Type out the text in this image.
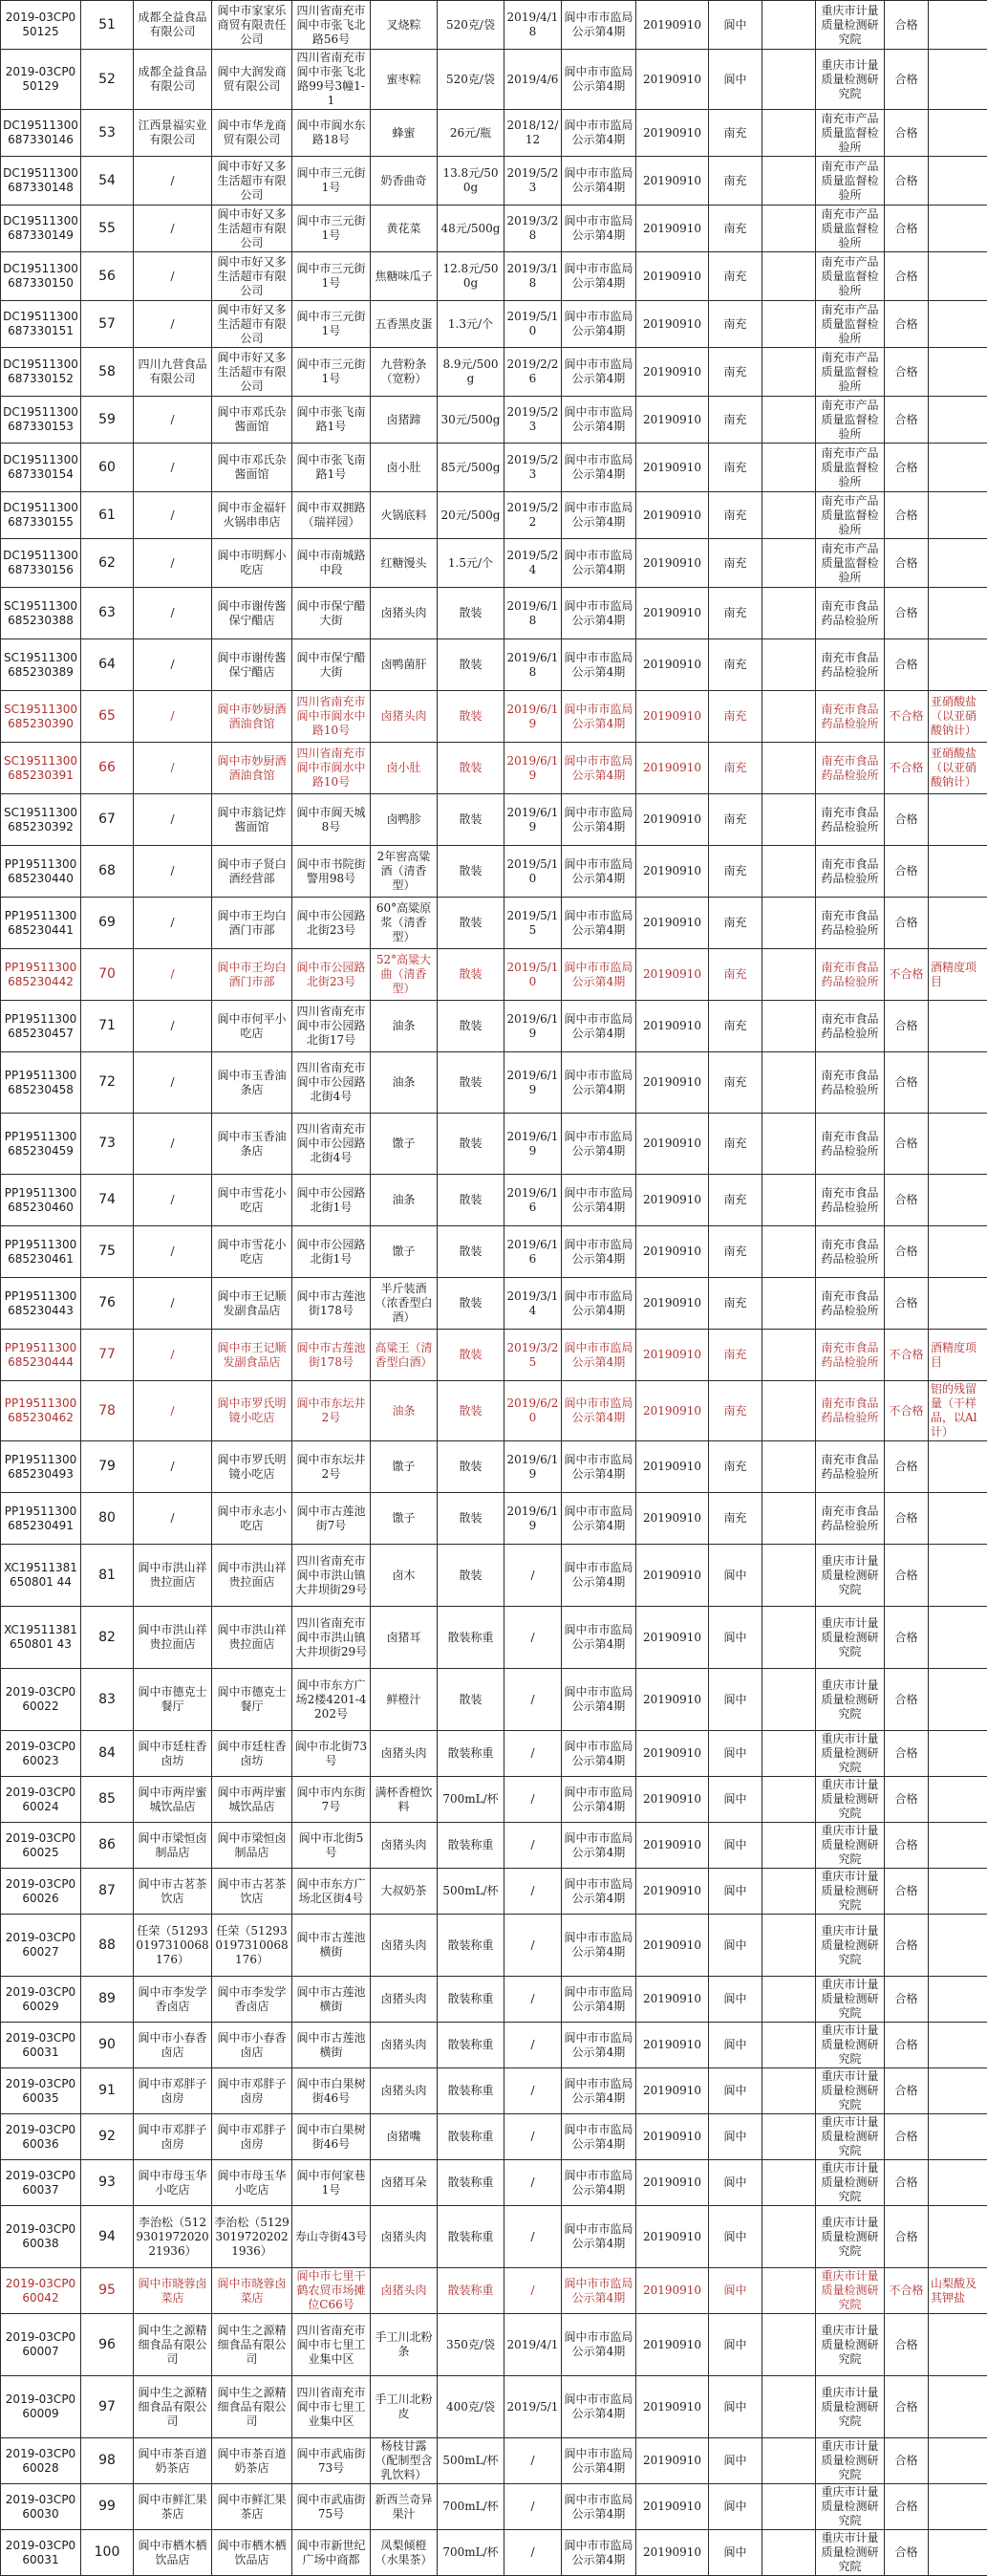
2019-03CP050125	51	成都全益食品有限公司	阆中市家家乐商贸有限责任公司	四川省南充市阆中市张飞北路56号	叉烧粽	520克/袋	2019/4/18	阆中市市监局公示第4期	20190910	阆中		重庆市计量质量检测研究院	合格	
2019-03CP050129	52	成都全益食品有限公司	阆中大润发商贸有限公司	四川省南充市阆中市张飞北路99号3幢1-1	蜜枣粽	520克/袋	2019/4/6	阆中市市监局公示第4期	20190910	阆中		重庆市计量质量检测研究院	合格	
DC19511300687330146	53	江西景福实业有限公司	阆中市华龙商贸有限公司	阆中市阆水东路18号	蜂蜜	26元/瓶	2018/12/12	阆中市市监局公示第4期	20190910	南充		南充市产品质量监督检验所	合格	
DC19511300687330148	54	/	阆中市好又多生活超市有限公司	阆中市三元街1号	奶香曲奇	13.8元/500g	2019/5/23	阆中市市监局公示第4期	20190910	南充		南充市产品质量监督检验所	合格	
DC19511300687330149	55	/	阆中市好又多生活超市有限公司	阆中市三元街1号	黄花菜	48元/500g	2019/3/28	阆中市市监局公示第4期	20190910	南充		南充市产品质量监督检验所	合格	
DC19511300687330150	56	/	阆中市好又多生活超市有限公司	阆中市三元街1号	焦糖味瓜子	12.8元/500g	2019/3/18	阆中市市监局公示第4期	20190910	南充		南充市产品质量监督检验所	合格	
DC19511300687330151	57	/	阆中市好又多生活超市有限公司	阆中市三元街1号	五香黑皮蛋	1.3元/个	2019/5/10	阆中市市监局公示第4期	20190910	南充		南充市产品质量监督检验所	合格	
DC19511300687330152	58	四川九营食品有限公司	阆中市好又多生活超市有限公司	阆中市三元街1号	九营粉条（宽粉）	8.9元/500g	2019/2/26	阆中市市监局公示第4期	20190910	南充		南充市产品质量监督检验所	合格	
DC19511300687330153	59	/	阆中市邓氏杂酱面馆	阆中市张飞南路1号	卤猪蹄	30元/500g	2019/5/23	阆中市市监局公示第4期	20190910	南充		南充市产品质量监督检验所	合格	
DC19511300687330154	60	/	阆中市邓氏杂酱面馆	阆中市张飞南路1号	卤小肚	85元/500g	2019/5/23	阆中市市监局公示第4期	20190910	南充		南充市产品质量监督检验所	合格	
DC19511300687330155	61	/	阆中市金福轩火锅串串店	阆中市双拥路（瑞祥园）	火锅底料	20元/500g	2019/5/22	阆中市市监局公示第4期	20190910	南充		南充市产品质量监督检验所	合格	
DC19511300687330156	62	/	阆中市明辉小吃店	阆中市南城路中段	红糖馒头	1.5元/个	2019/5/24	阆中市市监局公示第4期	20190910	南充		南充市产品质量监督检验所	合格	
SC19511300685230388	63	/	阆中市谢传酱保宁醋店	阆中市保宁醋大街	卤猪头肉	散装	2019/6/18	阆中市市监局公示第4期	20190910	南充		南充市食品药品检验所	合格	
SC19511300685230389	64	/	阆中市谢传酱保宁醋店	阆中市保宁醋大街	卤鸭菌肝	散装	2019/6/18	阆中市市监局公示第4期	20190910	南充		南充市食品药品检验所	合格	
SC19511300685230390	65	/	阆中市妙厨酒酒油食馆	四川省南充市阆中市阆水中路10号	卤猪头肉	散装	2019/6/19	阆中市市监局公示第4期	20190910	南充		南充市食品药品检验所	不合格	亚硝酸盐（以亚硝酸钠计）
SC19511300685230391	66	/	阆中市妙厨酒酒油食馆	四川省南充市阆中市阆水中路10号	卤小肚	散装	2019/6/19	阆中市市监局公示第4期	20190910	南充		南充市食品药品检验所	不合格	亚硝酸盐（以亚硝酸钠计）
SC19511300685230392	67	/	阆中市翁记炸酱面馆	阆中市阆天城8号	卤鸭胗	散装	2019/6/19	阆中市市监局公示第4期	20190910	南充		南充市食品药品检验所	合格	
PP19511300685230440	68	/	阆中市子贤白酒经营部	阆中市书院街警用98号	2年窖高粱酒（清香型）	散装	2019/5/10	阆中市市监局公示第4期	20190910	南充		南充市食品药品检验所	合格	
PP19511300685230441	69	/	阆中市王均白酒门市部	阆中市公园路北街23号	60°高粱原浆（清香型）	散装	2019/5/15	阆中市市监局公示第4期	20190910	南充		南充市食品药品检验所	合格	
PP19511300685230442	70	/	阆中市王均白酒门市部	阆中市公园路北街23号	52°高粱大曲（清香型）	散装	2019/5/10	阆中市市监局公示第4期	20190910	南充		南充市食品药品检验所	不合格	酒精度项目
PP19511300685230457	71	/	阆中市何平小吃店	四川省南充市阆中市公园路北街17号	油条	散装	2019/6/19	阆中市市监局公示第4期	20190910	南充		南充市食品药品检验所	合格	
PP19511300685230458	72	/	阆中市玉香油条店	四川省南充市阆中市公园路北街4号	油条	散装	2019/6/19	阆中市市监局公示第4期	20190910	南充		南充市食品药品检验所	合格	
PP19511300685230459	73	/	阆中市玉香油条店	四川省南充市阆中市公园路北街4号	馓子	散装	2019/6/19	阆中市市监局公示第4期	20190910	南充		南充市食品药品检验所	合格	
PP19511300685230460	74	/	阆中市雪花小吃店	阆中市公园路北街1号	油条	散装	2019/6/16	阆中市市监局公示第4期	20190910	南充		南充市食品药品检验所	合格	
PP19511300685230461	75	/	阆中市雪花小吃店	阆中市公园路北街1号	馓子	散装	2019/6/16	阆中市市监局公示第4期	20190910	南充		南充市食品药品检验所	合格	
PP19511300685230443	76	/	阆中市王记顺发副食品店	阆中市古莲池街178号	半斤装酒（浓香型白酒）	散装	2019/3/14	阆中市市监局公示第4期	20190910	南充		南充市食品药品检验所	合格	
PP19511300685230444	77	/	阆中市王记顺发副食品店	阆中市古莲池街178号	高粱王（清香型白酒）	散装	2019/3/25	阆中市市监局公示第4期	20190910	南充		南充市食品药品检验所	不合格	酒精度项目
PP19511300685230462	78	/	阆中市罗氏明镜小吃店	阆中市东坛井2号	油条	散装	2019/6/20	阆中市市监局公示第4期	20190910	南充		南充市食品药品检验所	不合格	铝的残留量（干样品，以Al计）
PP19511300685230493	79	/	阆中市罗氏明镜小吃店	阆中市东坛井2号	馓子	散装	2019/6/19	阆中市市监局公示第4期	20190910	南充		南充市食品药品检验所	合格	
PP19511300685230491	80	/	阆中市永志小吃店	阆中市古莲池街7号	馓子	散装	2019/6/19	阆中市市监局公示第4期	20190910	南充		南充市食品药品检验所	合格	
XC19511381650801 44	81	阆中市洪山祥贵拉面店	阆中市洪山祥贵拉面店	四川省南充市阆中市洪山镇大井坝街29号	卤木	散装	/	阆中市市监局公示第4期	20190910	阆中		重庆市计量质量检测研究院	合格	
XC19511381650801 43	82	阆中市洪山祥贵拉面店	阆中市洪山祥贵拉面店	四川省南充市阆中市洪山镇大井坝街29号	卤猪耳	散装称重	/	阆中市市监局公示第4期	20190910	阆中		重庆市计量质量检测研究院	合格	
2019-03CP060022	83	阆中市德克士餐厅	阆中市德克士餐厅	阆中市东方广场2楼4201-4202号	鲜橙汁	散装	/	阆中市市监局公示第4期	20190910	阆中		重庆市计量质量检测研究院	合格	
2019-03CP060023	84	阆中市廷柱香卤坊	阆中市廷柱香卤坊	阆中市北街73号	卤猪头肉	散装称重	/	阆中市市监局公示第4期	20190910	阆中		重庆市计量质量检测研究院	合格	
2019-03CP060024	85	阆中市两岸蜜城饮品店	阆中市两岸蜜城饮品店	阆中市内东街7号	满杯香橙饮料	700mL/杯	/	阆中市市监局公示第4期	20190910	阆中		重庆市计量质量检测研究院	合格	
2019-03CP060025	86	阆中市梁恒卤制品店	阆中市梁恒卤制品店	阆中市北街5号	卤猪头肉	散装称重	/	阆中市市监局公示第4期	20190910	阆中		重庆市计量质量检测研究院	合格	
2019-03CP060026	87	阆中市古茗茶饮店	阆中市古茗茶饮店	阆中市东方广场北区街4号	大叔奶茶	500mL/杯	/	阆中市市监局公示第4期	20190910	阆中		重庆市计量质量检测研究院	合格	
2019-03CP060027	88	任荣（512930197310068176）	任荣（512930197310068176）	阆中市古莲池横街	卤猪头肉	散装称重	/	阆中市市监局公示第4期	20190910	阆中		重庆市计量质量检测研究院	合格	
2019-03CP060029	89	阆中市李发学香卤店	阆中市李发学香卤店	阆中市古莲池横街	卤猪头肉	散装称重	/	阆中市市监局公示第4期	20190910	阆中		重庆市计量质量检测研究院	合格	
2019-03CP060031	90	阆中市小春香卤店	阆中市小春香卤店	阆中市古莲池横街	卤猪头肉	散装称重	/	阆中市市监局公示第4期	20190910	阆中		重庆市计量质量检测研究院	合格	
2019-03CP060035	91	阆中市邓胖子卤房	阆中市邓胖子卤房	阆中市白果树街46号	卤猪头肉	散装称重	/	阆中市市监局公示第4期	20190910	阆中		重庆市计量质量检测研究院	合格	
2019-03CP060036	92	阆中市邓胖子卤房	阆中市邓胖子卤房	阆中市白果树街46号	卤猪嘴	散装称重	/	阆中市市监局公示第4期	20190910	阆中		重庆市计量质量检测研究院	合格	
2019-03CP060037	93	阆中市母玉华小吃店	阆中市母玉华小吃店	阆中市何家巷1号	卤猪耳朵	散装称重	/	阆中市市监局公示第4期	20190910	阆中		重庆市计量质量检测研究院	合格	
2019-03CP060038	94	李治松（512930197202021936）	李治松（512930197202021936）	寿山寺街43号	卤猪头肉	散装称重	/	阆中市市监局公示第4期	20190910	阆中		重庆市计量质量检测研究院	合格	
2019-03CP060042	95	阆中市晓蓉卤菜店	阆中市晓蓉卤菜店	阆中市七里干鹤农贸市场摊位C66号	卤猪头肉	散装称重	/	阆中市市监局公示第4期	20190910	阆中		重庆市计量质量检测研究院	不合格	山梨酸及其钾盐
2019-03CP060007	96	阆中生之源精细食品有限公司	阆中生之源精细食品有限公司	四川省南充市阆中市七里工业集中区	手工川北粉条	350克/袋	2019/4/1	阆中市市监局公示第4期	20190910	阆中		重庆市计量质量检测研究院	合格	
2019-03CP060009	97	阆中生之源精细食品有限公司	阆中生之源精细食品有限公司	四川省南充市阆中市七里工业集中区	手工川北粉皮	400克/袋	2019/5/1	阆中市市监局公示第4期	20190910	阆中		重庆市计量质量检测研究院	合格	
2019-03CP060028	98	阆中市茶百道奶茶店	阆中市茶百道奶茶店	阆中市武庙街73号	杨枝甘露（配制型含乳饮料）	500mL/杯	/	阆中市市监局公示第4期	20190910	阆中		重庆市计量质量检测研究院	合格	
2019-03CP060030	99	阆中市鲜汇果茶店	阆中市鲜汇果茶店	阆中市武庙街75号	新西兰奇异果汁	700mL/杯	/	阆中市市监局公示第4期	20190910	阆中		重庆市计量质量检测研究院	合格	
2019-03CP060031	100	阆中市栖木栖饮品店	阆中市栖木栖饮品店	阆中市新世纪广场中商都	凤梨倾橙（水果茶）	700mL/杯	/	阆中市市监局公示第4期	20190910	阆中		重庆市计量质量检测研究院	合格	
